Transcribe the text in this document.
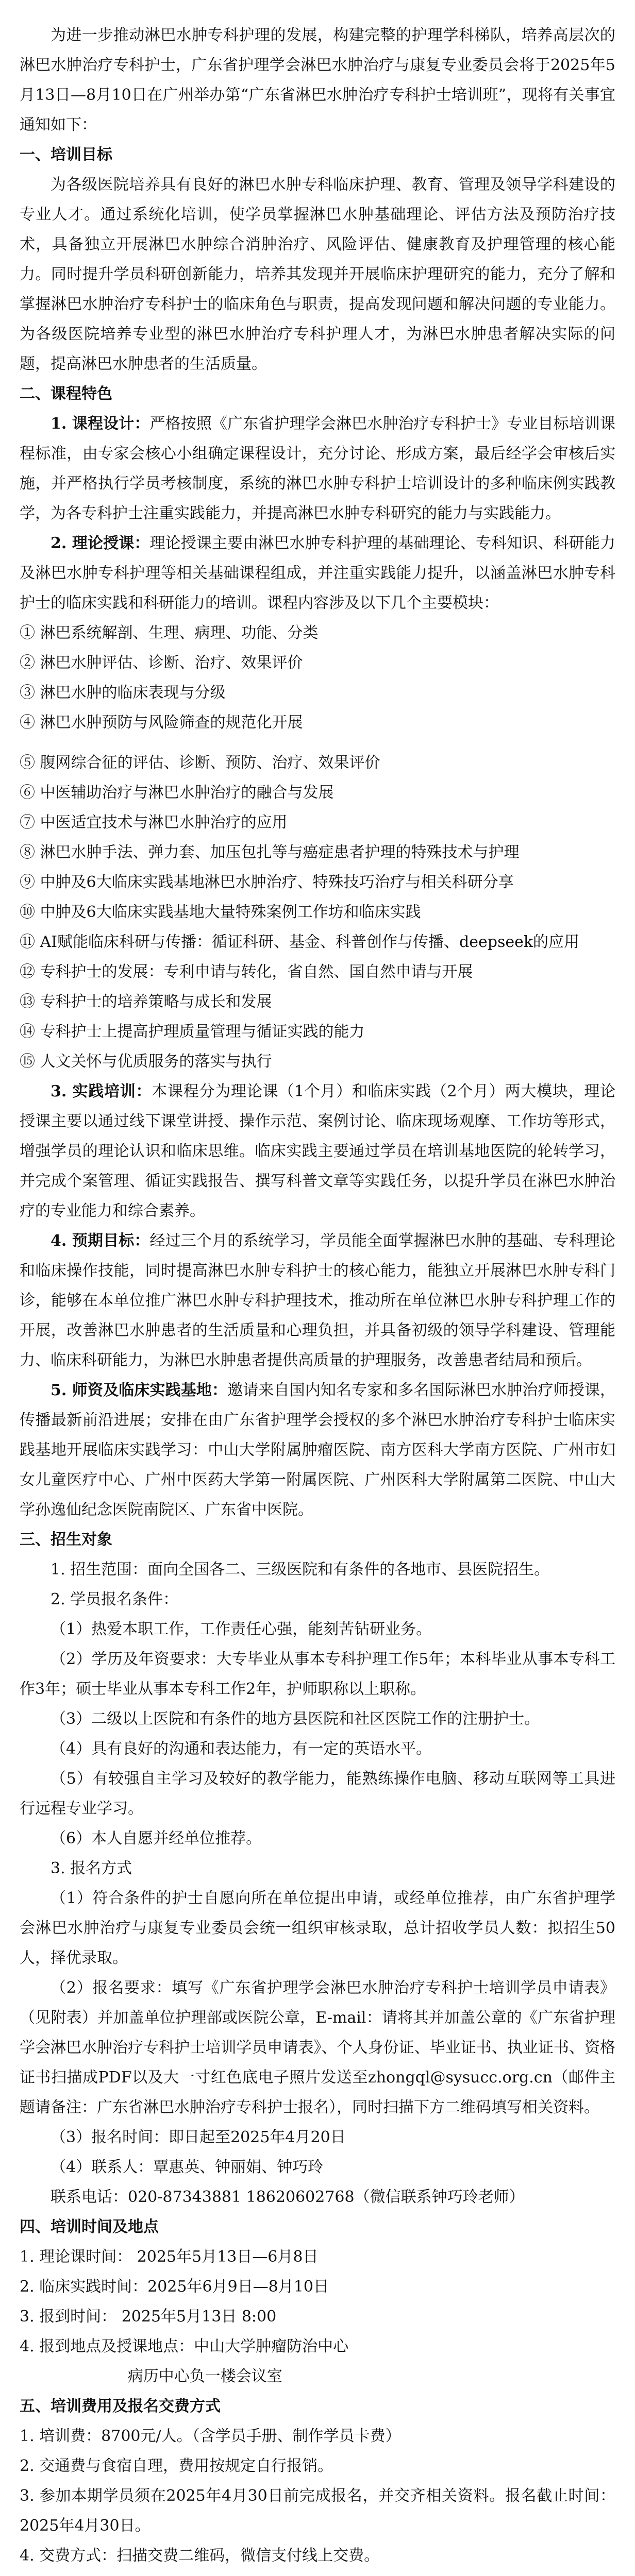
为进一步推动淋巴水肿专科护理的发展，构建完整的护理学科梯队，培养高层次的淋巴水肿治疗专科护士，广东省护理学会淋巴水肿治疗与康复专业委员会将于2025年5月13日—8月10日在广州举办第“广东省淋巴水肿治疗专科护士培训班”，现将有关事宜通知如下：

一、培训目标

为各级医院培养具有良好的淋巴水肿专科临床护理、教育、管理及领导学科建设的专业人才。通过系统化培训，使学员掌握淋巴水肿基础理论、评估方法及预防治疗技术，具备独立开展淋巴水肿综合消肿治疗、风险评估、健康教育及护理管理的核心能力。同时提升学员科研创新能力，培养其发现并开展临床护理研究的能力，充分了解和掌握淋巴水肿治疗专科护士的临床角色与职责，提高发现问题和解决问题的专业能力。为各级医院培养专业型的淋巴水肿治疗专科护理人才，为淋巴水肿患者解决实际的问题，提高淋巴水肿患者的生活质量。

二、课程特色

1. 课程设计：严格按照《广东省护理学会淋巴水肿治疗专科护士》专业目标培训课程标准，由专家会核心小组确定课程设计，充分讨论、形成方案，最后经学会审核后实施，并严格执行学员考核制度，系统的淋巴水肿专科护士培训设计的多种临床例实践教学，为各专科护士注重实践能力，并提高淋巴水肿专科研究的能力与实践能力。

2. 理论授课：理论授课主要由淋巴水肿专科护理的基础理论、专科知识、科研能力及淋巴水肿专科护理等相关基础课程组成，并注重实践能力提升，以涵盖淋巴水肿专科护士的临床实践和科研能力的培训。课程内容涉及以下几个主要模块：

① 淋巴系统解剖、生理、病理、功能、分类

② 淋巴水肿评估、诊断、治疗、效果评价

③ 淋巴水肿的临床表现与分级

④ 淋巴水肿预防与风险筛查的规范化开展

⑤ 腹网综合征的评估、诊断、预防、治疗、效果评价

⑥ 中医辅助治疗与淋巴水肿治疗的融合与发展

⑦ 中医适宜技术与淋巴水肿治疗的应用

⑧ 淋巴水肿手法、弹力套、加压包扎等与癌症患者护理的特殊技术与护理

⑨ 中肿及6大临床实践基地淋巴水肿治疗、特殊技巧治疗与相关科研分享

⑩ 中肿及6大临床实践基地大量特殊案例工作坊和临床实践

⑪ AI赋能临床科研与传播：循证科研、基金、科普创作与传播、deepseek的应用

⑫ 专科护士的发展：专利申请与转化，省自然、国自然申请与开展

⑬ 专科护士的培养策略与成长和发展

⑭ 专科护士上提高护理质量管理与循证实践的能力

⑮ 人文关怀与优质服务的落实与执行

3. 实践培训：本课程分为理论课（1个月）和临床实践（2个月）两大模块，理论授课主要以通过线下课堂讲授、操作示范、案例讨论、临床现场观摩、工作坊等形式，增强学员的理论认识和临床思维。临床实践主要通过学员在培训基地医院的轮转学习，并完成个案管理、循证实践报告、撰写科普文章等实践任务，以提升学员在淋巴水肿治疗的专业能力和综合素养。

4. 预期目标：经过三个月的系统学习，学员能全面掌握淋巴水肿的基础、专科理论和临床操作技能，同时提高淋巴水肿专科护士的核心能力，能独立开展淋巴水肿专科门诊，能够在本单位推广淋巴水肿专科护理技术，推动所在单位淋巴水肿专科护理工作的开展，改善淋巴水肿患者的生活质量和心理负担，并具备初级的领导学科建设、管理能力、临床科研能力，为淋巴水肿患者提供高质量的护理服务，改善患者结局和预后。

5. 师资及临床实践基地：邀请来自国内知名专家和多名国际淋巴水肿治疗师授课，传播最新前沿进展；安排在由广东省护理学会授权的多个淋巴水肿治疗专科护士临床实践基地开展临床实践学习：中山大学附属肿瘤医院、南方医科大学南方医院、广州市妇女儿童医疗中心、广州中医药大学第一附属医院、广州医科大学附属第二医院、中山大学孙逸仙纪念医院南院区、广东省中医院。

三、招生对象

1. 招生范围：面向全国各二、三级医院和有条件的各地市、县医院招生。

2. 学员报名条件：

（1）热爱本职工作，工作责任心强，能刻苦钻研业务。

（2）学历及年资要求：大专毕业从事本专科护理工作5年；本科毕业从事本专科工作3年；硕士毕业从事本专科工作2年，护师职称以上职称。

（3）二级以上医院和有条件的地方县医院和社区医院工作的注册护士。

（4）具有良好的沟通和表达能力，有一定的英语水平。

（5）有较强自主学习及较好的教学能力，能熟练操作电脑、移动互联网等工具进行远程专业学习。

（6）本人自愿并经单位推荐。

3. 报名方式

（1）符合条件的护士自愿向所在单位提出申请，或经单位推荐，由广东省护理学会淋巴水肿治疗与康复专业委员会统一组织审核录取，总计招收学员人数：拟招生50人，择优录取。

（2）报名要求：填写《广东省护理学会淋巴水肿治疗专科护士培训学员申请表》（见附表）并加盖单位护理部或医院公章，E-mail：请将其并加盖公章的《广东省护理学会淋巴水肿治疗专科护士培训学员申请表》、个人身份证、毕业证书、执业证书、资格证书扫描成PDF以及大一寸红色底电子照片发送至zhongql@sysucc.org.cn（邮件主题请备注：广东省淋巴水肿治疗专科护士报名），同时扫描下方二维码填写相关资料。

（3）报名时间：即日起至2025年4月20日

（4）联系人：覃惠英、钟丽娟、钟巧玲

联系电话：020-87343881 18620602768（微信联系钟巧玲老师）

四、培训时间及地点

1. 理论课时间： 2025年5月13日—6月8日

2. 临床实践时间：2025年6月9日—8月10日

3. 报到时间： 2025年5月13日 8:00

4. 报到地点及授课地点：中山大学肿瘤防治中心

病历中心负一楼会议室

五、培训费用及报名交费方式

1. 培训费：8700元/人。（含学员手册、制作学员卡费）

2. 交通费与食宿自理，费用按规定自行报销。

3. 参加本期学员须在2025年4月30日前完成报名，并交齐相关资料。报名截止时间：2025年4月30日。

4. 交费方式：扫描交费二维码，微信支付线上交费。
